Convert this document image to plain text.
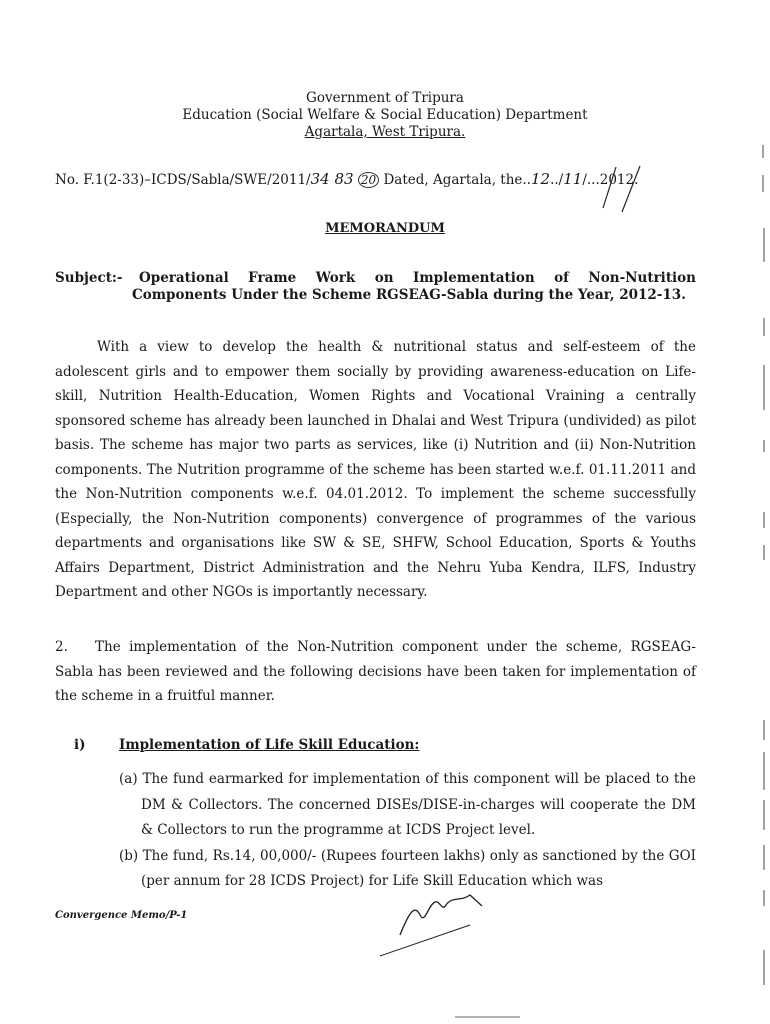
Government of Tripura
Education (Social Welfare & Social Education) Department
Agartala, West Tripura.
No. F.1(2-33)–ICDS/Sabla/SWE/2011/34 83 20 Dated, Agartala, the..12../11/...2012.
MEMORANDUM
Subject:- Operational Frame Work on Implementation of Non-Nutrition
Components Under the Scheme RGSEAG-Sabla during the Year, 2012-13.
With a view to develop the health & nutritional status and self-esteem of the adolescent girls and to empower them socially by providing awareness-education on Life-skill, Nutrition Health-Education, Women Rights and Vocational Vraining a centrally sponsored scheme has already been launched in Dhalai and West Tripura (undivided) as pilot basis. The scheme has major two parts as services, like (i) Nutrition and (ii) Non-Nutrition components. The Nutrition programme of the scheme has been started w.e.f. 01.11.2011 and the Non-Nutrition components w.e.f. 04.01.2012. To implement the scheme successfully (Especially, the Non-Nutrition components) convergence of programmes of the various departments and organisations like SW & SE, SHFW, School Education, Sports & Youths Affairs Department, District Administration and the Nehru Yuba Kendra, ILFS, Industry Department and other NGOs is importantly necessary.
2. The implementation of the Non-Nutrition component under the scheme, RGSEAG-Sabla has been reviewed and the following decisions have been taken for implementation of the scheme in a fruitful manner.
i) Implementation of Life Skill Education:

(a) The fund earmarked for implementation of this component will be placed to the DM & Collectors. The concerned DISEs/DISE-in-charges will cooperate the DM & Collectors to run the programme at ICDS Project level.

(b) The fund, Rs.14, 00,000/- (Rupees fourteen lakhs) only as sanctioned by the GOI (per annum for 28 ICDS Project) for Life Skill Education which was

Convergence Memo/P-1
